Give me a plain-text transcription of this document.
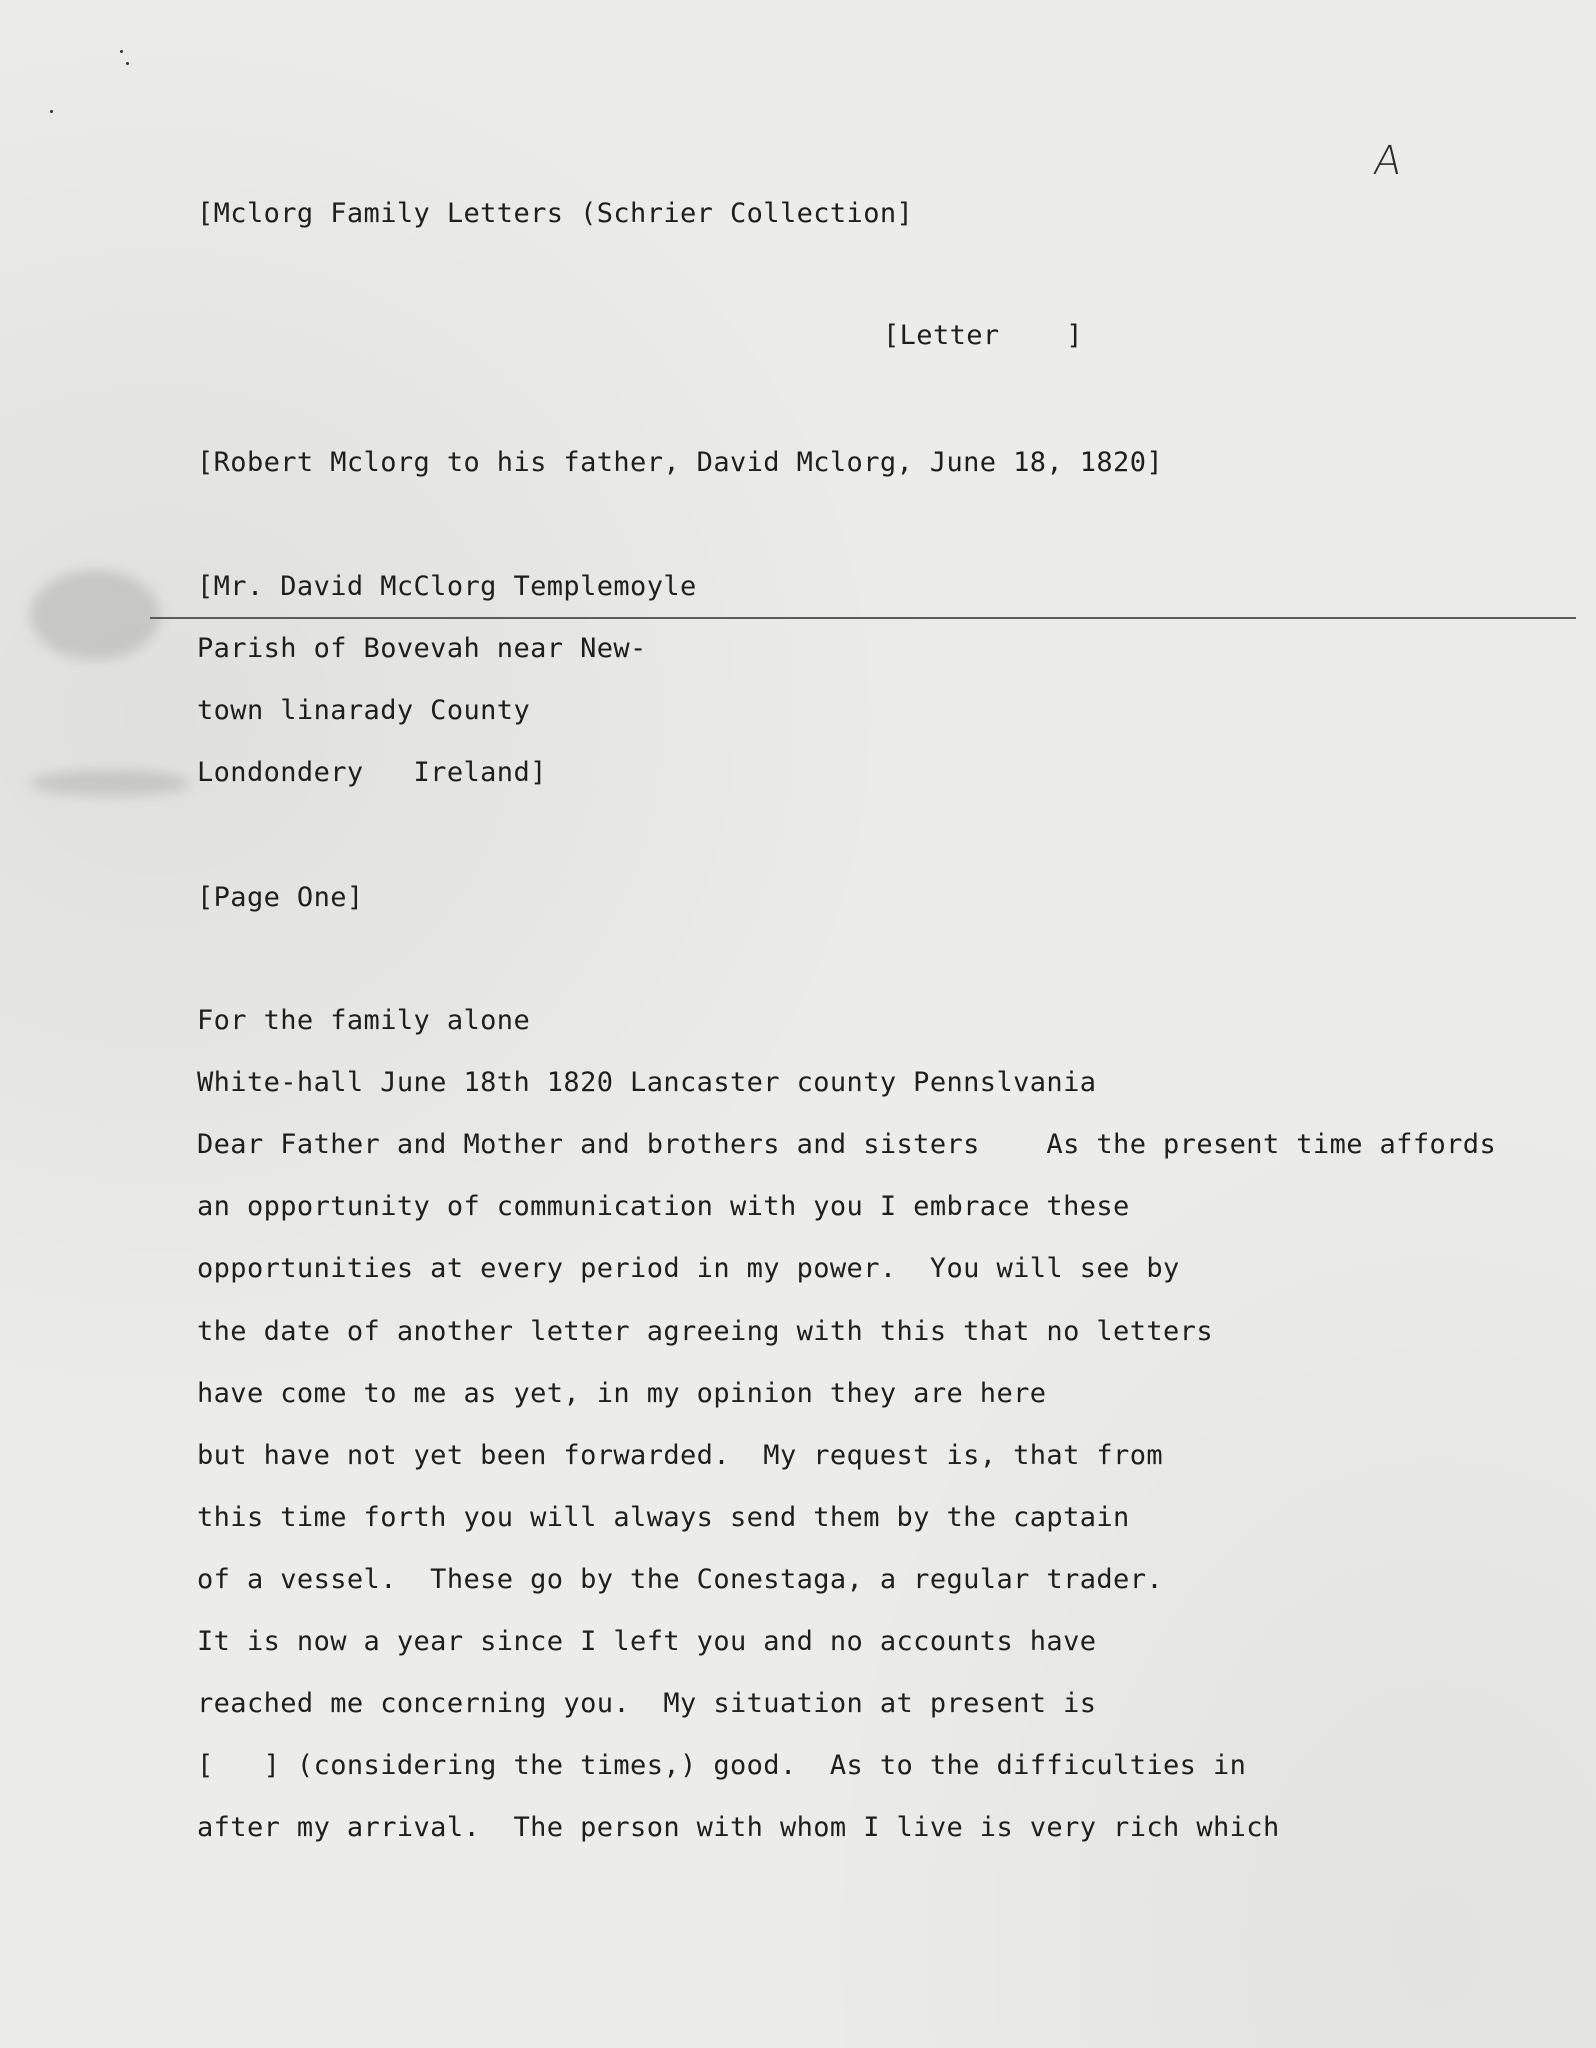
A
[Mclorg Family Letters (Schrier Collection]
[Letter    ]
[Robert Mclorg to his father, David Mclorg, June 18, 1820]
[Mr. David McClorg Templemoyle
Parish of Bovevah near New-
town linarady County
Londondery   Ireland]
[Page One]
For the family alone
White-hall June 18th 1820 Lancaster county Pennslvania
Dear Father and Mother and brothers and sisters    As the present time affords
an opportunity of communication with you I embrace these
opportunities at every period in my power.  You will see by
the date of another letter agreeing with this that no letters
have come to me as yet, in my opinion they are here
but have not yet been forwarded.  My request is, that from
this time forth you will always send them by the captain
of a vessel.  These go by the Conestaga, a regular trader.
It is now a year since I left you and no accounts have
reached me concerning you.  My situation at present is
[   ] (considering the times,) good.  As to the difficulties in
after my arrival.  The person with whom I live is very rich which
